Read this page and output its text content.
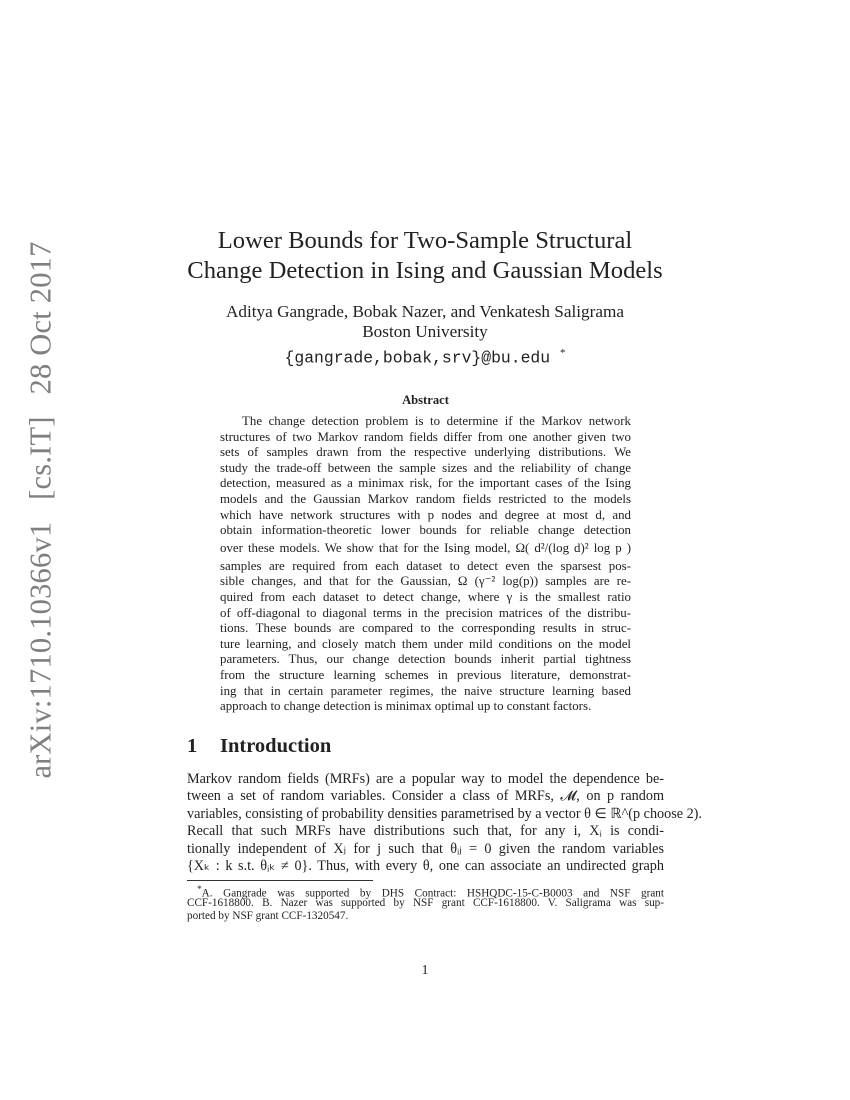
arXiv:1710.10366v1 [cs.IT] 28 Oct 2017
Lower Bounds for Two-Sample Structural
Change Detection in Ising and Gaussian Models
Aditya Gangrade, Bobak Nazer, and Venkatesh Saligrama
Boston University
{gangrade,bobak,srv}@bu.edu *
Abstract
The change detection problem is to determine if the Markov network
structures of two Markov random fields differ from one another given two
sets of samples drawn from the respective underlying distributions. We
study the trade-off between the sample sizes and the reliability of change
detection, measured as a minimax risk, for the important cases of the Ising
models and the Gaussian Markov random fields restricted to the models
which have network structures with p nodes and degree at most d, and
obtain information-theoretic lower bounds for reliable change detection
over these models. We show that for the Ising model, Ω( d²/(log d)² log p )
samples are required from each dataset to detect even the sparsest pos-
sible changes, and that for the Gaussian, Ω (γ⁻² log(p)) samples are re-
quired from each dataset to detect change, where γ is the smallest ratio
of off-diagonal to diagonal terms in the precision matrices of the distribu-
tions. These bounds are compared to the corresponding results in struc-
ture learning, and closely match them under mild conditions on the model
parameters. Thus, our change detection bounds inherit partial tightness
from the structure learning schemes in previous literature, demonstrat-
ing that in certain parameter regimes, the naive structure learning based
approach to change detection is minimax optimal up to constant factors.
1 Introduction
Markov random fields (MRFs) are a popular way to model the dependence be-
tween a set of random variables. Consider a class of MRFs, 𝓜, on p random
variables, consisting of probability densities parametrised by a vector θ ∈ ℝ^(p choose 2).
Recall that such MRFs have distributions such that, for any i, Xᵢ is condi-
tionally independent of Xⱼ for j such that θᵢⱼ = 0 given the random variables
{Xₖ : k s.t. θᵢₖ ≠ 0}. Thus, with every θ, one can associate an undirected graph
*A. Gangrade was supported by DHS Contract: HSHQDC-15-C-B0003 and NSF grant
CCF-1618800. B. Nazer was supported by NSF grant CCF-1618800. V. Saligrama was sup-
ported by NSF grant CCF-1320547.
1
